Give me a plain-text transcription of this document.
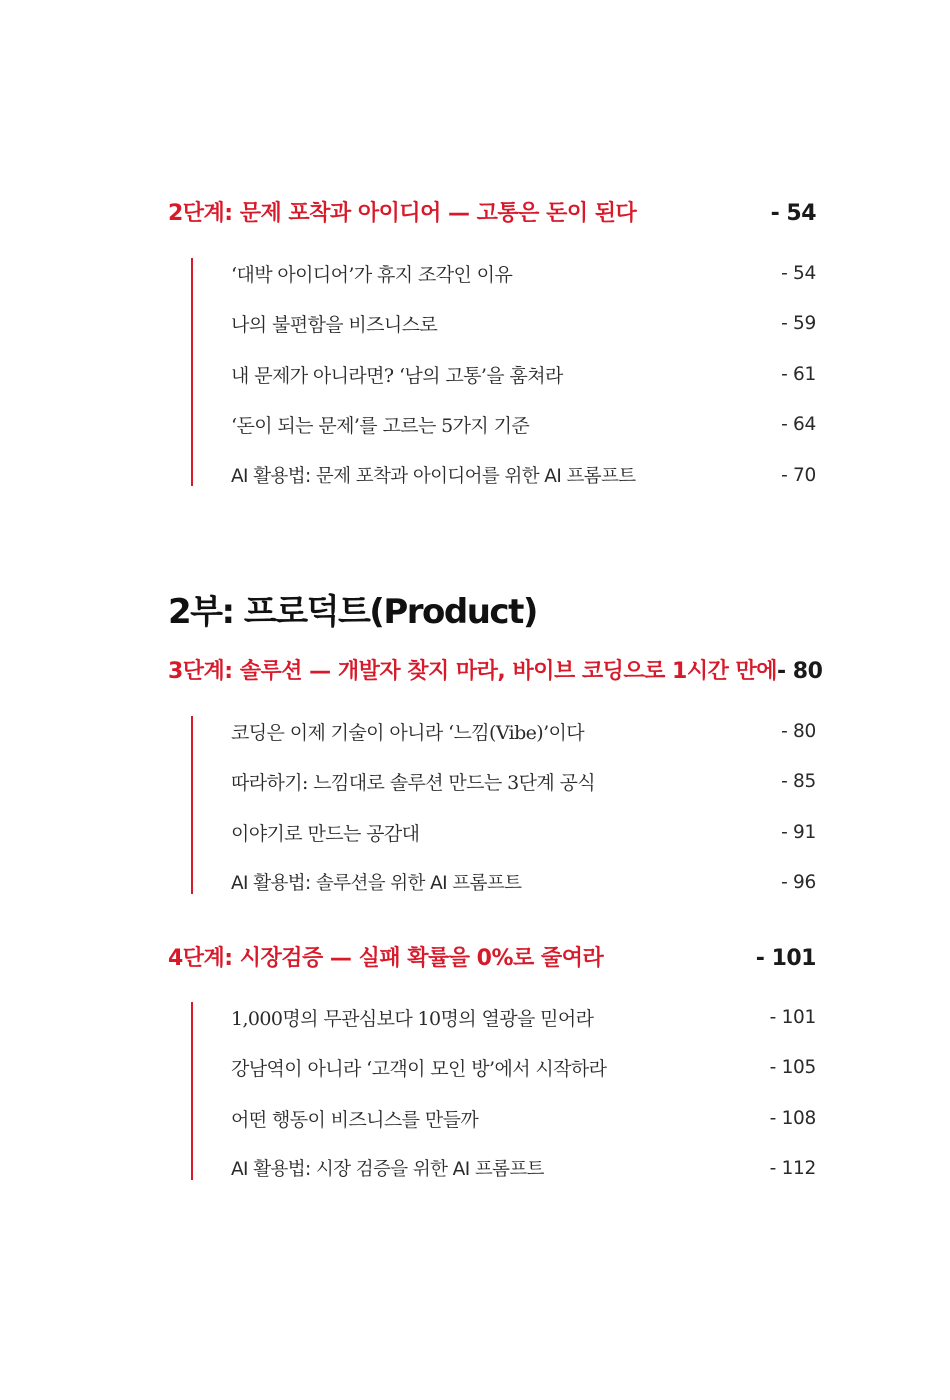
2단계: 문제 포착과 아이디어 — 고통은 돈이 된다	- 54
‘대박 아이디어’가 휴지 조각인 이유	- 54
나의 불편함을 비즈니스로	- 59
내 문제가 아니라면? ‘남의 고통’을 훔쳐라	- 61
‘돈이 되는 문제’를 고르는 5가지 기준	- 64
AI 활용법: 문제 포착과 아이디어를 위한 AI 프롬프트	- 70
2부: 프로덕트(Product)
3단계: 솔루션 — 개발자 찾지 마라, 바이브 코딩으로 1시간 만에 - 80
코딩은 이제 기술이 아니라 ‘느낌(Vibe)’이다	- 80
따라하기: 느낌대로 솔루션 만드는 3단계 공식	- 85
이야기로 만드는 공감대	- 91
AI 활용법: 솔루션을 위한 AI 프롬프트	- 96
4단계: 시장검증 — 실패 확률을 0%로 줄여라	- 101
1,000명의 무관심보다 10명의 열광을 믿어라	- 101
강남역이 아니라 ‘고객이 모인 방’에서 시작하라	- 105
어떤 행동이 비즈니스를 만들까	- 108
AI 활용법: 시장 검증을 위한 AI 프롬프트	- 112
